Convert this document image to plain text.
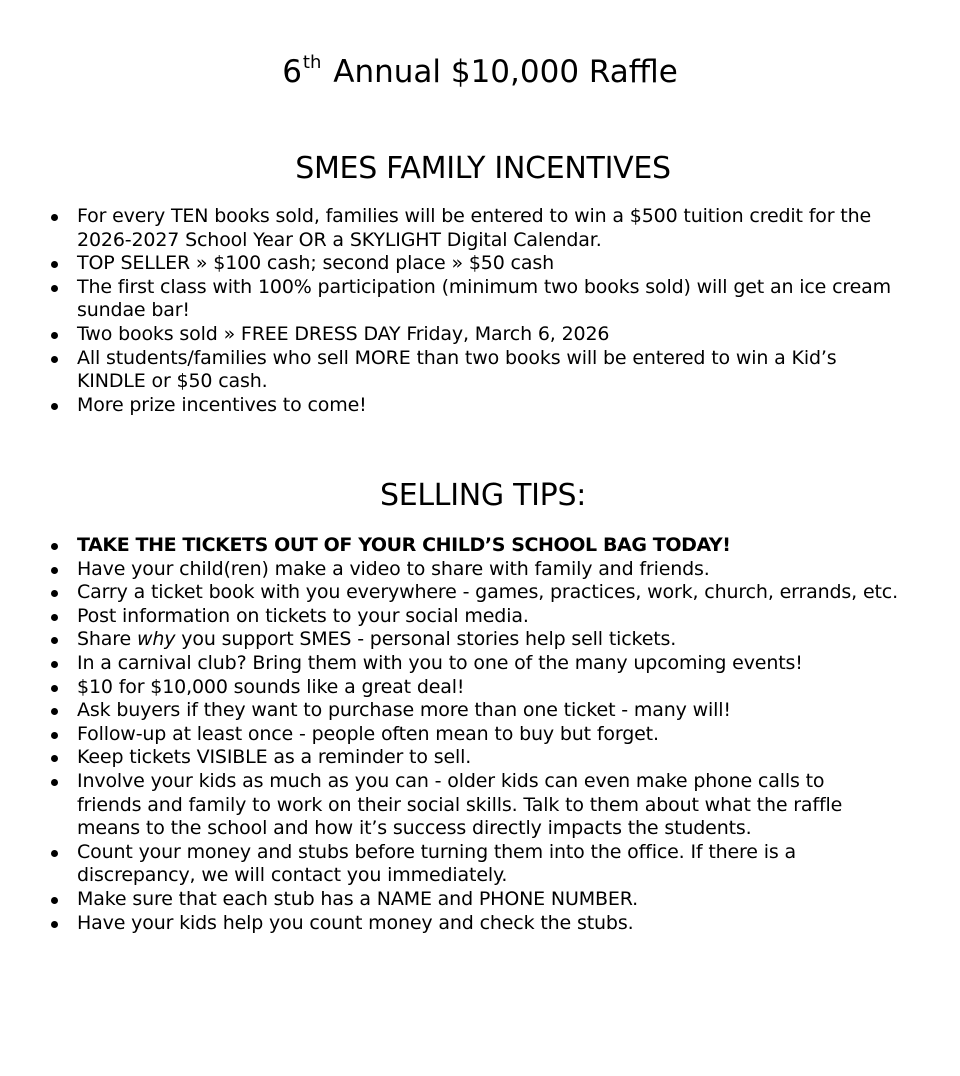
6th Annual $10,000 Raffle
SMES FAMILY INCENTIVES
For every TEN books sold, families will be entered to win a $500 tuition credit for the 2026-2027 School Year OR a SKYLIGHT Digital Calendar.
TOP SELLER » $100 cash; second place » $50 cash
The first class with 100% participation (minimum two books sold) will get an ice cream sundae bar!
Two books sold » FREE DRESS DAY Friday, March 6, 2026
All students/families who sell MORE than two books will be entered to win a Kid’s KINDLE or $50 cash.
More prize incentives to come!
SELLING TIPS:
TAKE THE TICKETS OUT OF YOUR CHILD’S SCHOOL BAG TODAY!
Have your child(ren) make a video to share with family and friends.
Carry a ticket book with you everywhere - games, practices, work, church, errands, etc.
Post information on tickets to your social media.
Share why you support SMES - personal stories help sell tickets.
In a carnival club? Bring them with you to one of the many upcoming events!
$10 for $10,000 sounds like a great deal!
Ask buyers if they want to purchase more than one ticket - many will!
Follow-up at least once - people often mean to buy but forget.
Keep tickets VISIBLE as a reminder to sell.
Involve your kids as much as you can - older kids can even make phone calls to friends and family to work on their social skills. Talk to them about what the raffle means to the school and how it’s success directly impacts the students.
Count your money and stubs before turning them into the office. If there is a discrepancy, we will contact you immediately.
Make sure that each stub has a NAME and PHONE NUMBER.
Have your kids help you count money and check the stubs.
